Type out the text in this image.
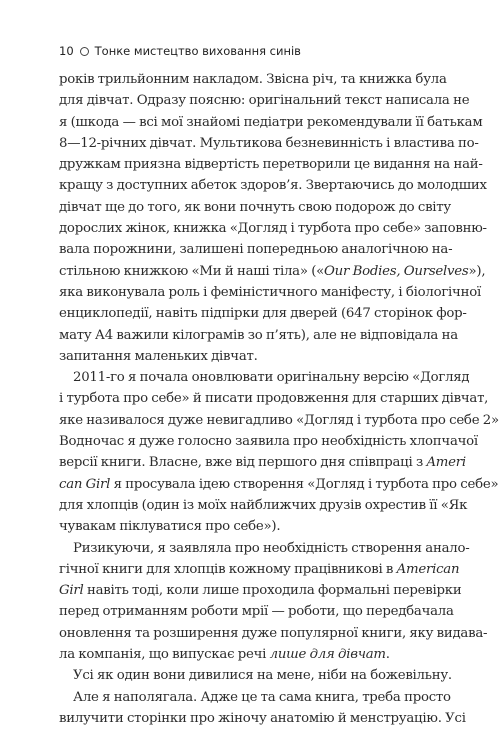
10 Тонке мистецтво виховання синів
років трильйонним накладом. Звісна річ, та книжка була
для дівчат. Одразу поясню: оригінальний текст написала не
я (шкода — всі мої знайомі педіатри рекомендували її батькам
8—12-річних дівчат. Мультикова безневинність і властива по-
дружкам приязна відвертість перетворили це видання на най-
кращу з доступних абеток здоров’я. Звертаючись до молодших
дівчат ще до того, як вони почнуть свою подорож до світу
дорослих жінок, книжка «Догляд і турбота про себе» заповню-
вала порожнини, залишені попередньою аналогічною на-
стільною книжкою «Ми й наші тіла» («Our Bodies, Ourselves»),
яка виконувала роль і феміністичного маніфесту, і біологічної
енциклопедії, навіть підпірки для дверей (647 сторінок фор-
мату А4 важили кілограмів зо п’ять), але не відповідала на
запитання маленьких дівчат.
2011-го я почала оновлювати оригінальну версію «Догляд
і турбота про себе» й писати продовження для старших дівчат,
яке називалося дуже невигадливо «Догляд і турбота про себе 2»
Водночас я дуже голосно заявила про необхідність хлопчачої
версії книги. Власне, вже від першого дня співпраці з Ameri
can Girl я просувала ідею створення «Догляд і турбота про себе»
для хлопців (один із моїх найближчих друзів охрестив її «Як
чувакам піклуватися про себе»).
Ризикуючи, я заявляла про необхідність створення анало-
гічної книги для хлопців кожному працівникові в American
Girl навіть тоді, коли лише проходила формальні перевірки
перед отриманням роботи мрії — роботи, що передбачала
оновлення та розширення дуже популярної книги, яку видава-
ла компанія, що випускає речі лише для дівчат.
Усі як один вони дивилися на мене, ніби на божевільну.
Але я наполягала. Адже це та сама книга, треба просто
вилучити сторінки про жіночу анатомію й менструацію. Усі
